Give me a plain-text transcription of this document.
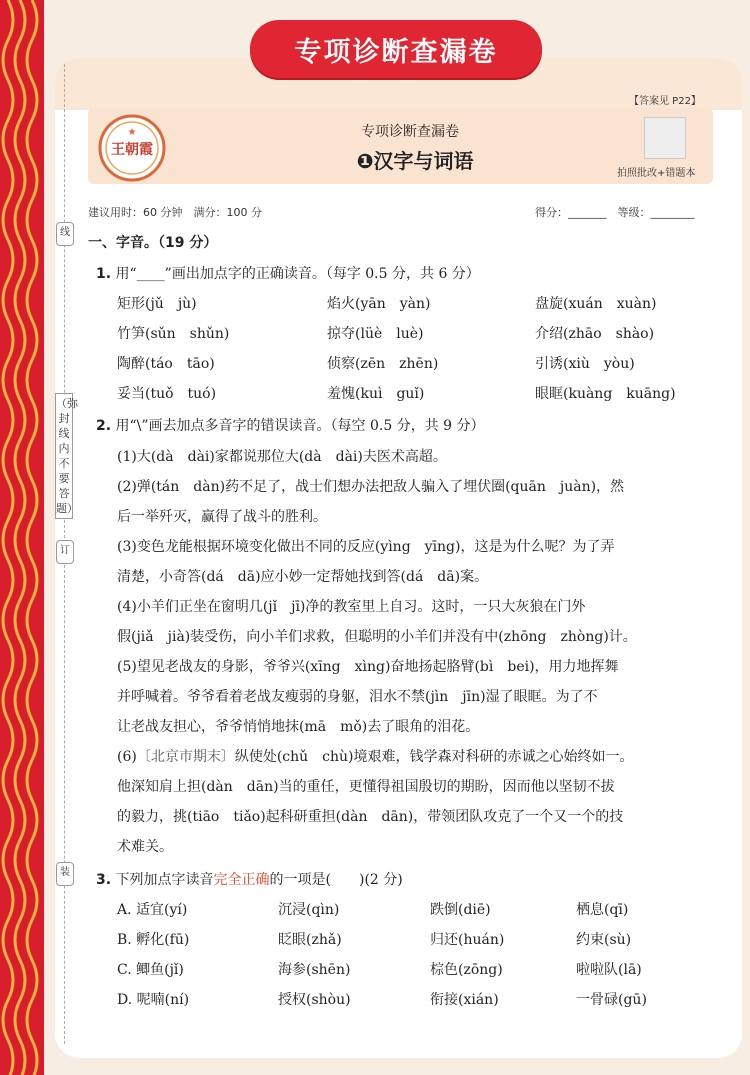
专项诊断查漏卷
线
（弥封线内不要答题）
订
装
【答案见 P22】
王朝霞
★	专项诊断查漏卷
❶汉字与词语
拍照批改+错题本
建议用时：60 分钟　满分：100 分	得分：_______　等级：________
一、字音。（19 分）
1. 用“____”画出加点字的正确读音。（每字 0.5 分，共 6 分）
矩形(jǔ　jù)	焰火(yān　yàn)	盘旋(xuán　xuàn)
竹笋(sǔn　shǔn)	掠夺(lüè　luè)	介绍(zhāo　shào)
陶醉(táo　tāo)	侦察(zēn　zhēn)	引诱(xiù　yòu)
妥当(tuǒ　tuó)	羞愧(kuì　guǐ)	眼眶(kuàng　kuāng)
2. 用“\”画去加点多音字的错误读音。（每空 0.5 分，共 9 分）
(1)大(dà　dài)家都说那位大(dà　dài)夫医术高超。
(2)弹(tán　dàn)药不足了，战士们想办法把敌人骗入了埋伏圈(quān　juàn)，然
后一举歼灭，赢得了战斗的胜利。
(3)变色龙能根据环境变化做出不同的反应(yìng　yīng)，这是为什么呢？为了弄
清楚，小奇答(dá　dā)应小妙一定帮她找到答(dá　dā)案。
(4)小羊们正坐在窗明几(jǐ　jī)净的教室里上自习。这时，一只大灰狼在门外
假(jiǎ　jià)装受伤，向小羊们求救，但聪明的小羊们并没有中(zhōng　zhòng)计。
(5)望见老战友的身影，爷爷兴(xīng　xìng)奋地扬起胳臂(bì　bei)，用力地挥舞
并呼喊着。爷爷看着老战友瘦弱的身躯，泪水不禁(jìn　jīn)湿了眼眶。为了不
让老战友担心，爷爷悄悄地抹(mā　mǒ)去了眼角的泪花。
(6)〔北京市期末〕纵使处(chǔ　chù)境艰难，钱学森对科研的赤诚之心始终如一。
他深知肩上担(dàn　dān)当的重任，更懂得祖国殷切的期盼，因而他以坚韧不拔
的毅力，挑(tiāo　tiǎo)起科研重担(dàn　dān)，带领团队攻克了一个又一个的技
术难关。
3. 下列加点字读音完全正确的一项是(　　)(2 分)
A. 适宜(yí)	沉浸(qìn)	跌倒(diē)	栖息(qī)
B. 孵化(fū)	眨眼(zhǎ)	归还(huán)	约束(sù)
C. 鲫鱼(jǐ)	海参(shēn)	棕色(zōng)	啦啦队(lā)
D. 呢喃(ní)	授权(shòu)	衔接(xián)	一骨碌(gū)
